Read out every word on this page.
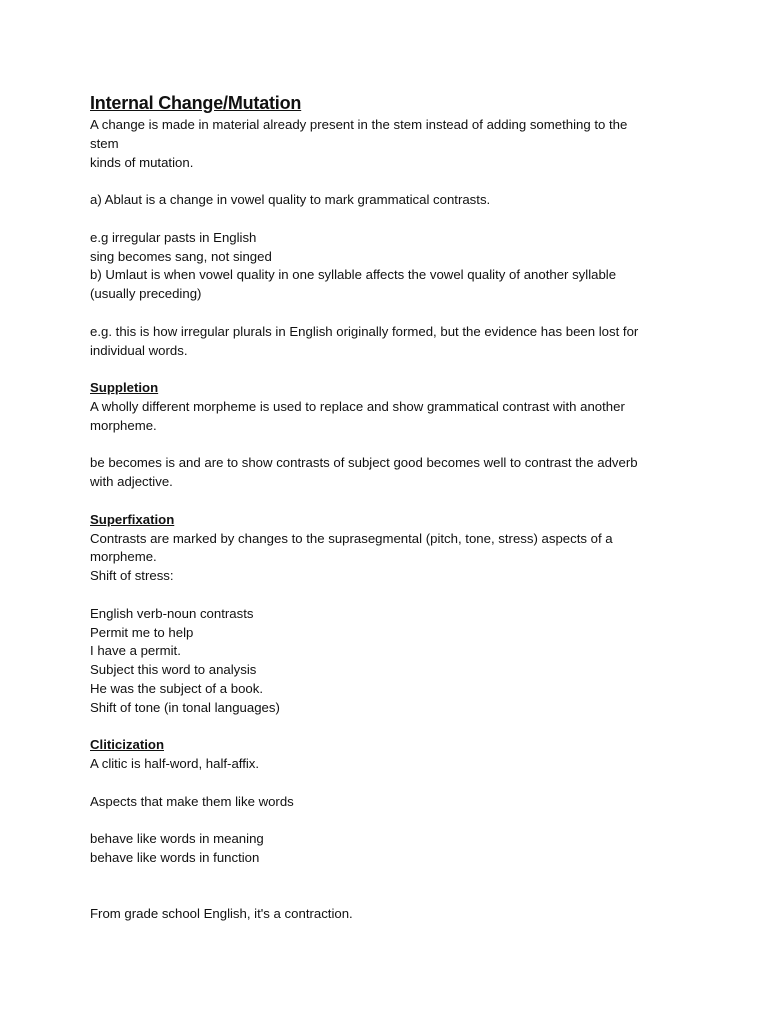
Internal Change/Mutation
A change is made in material already present in the stem instead of adding something to the
stem
kinds of mutation.
a) Ablaut is a change in vowel quality to mark grammatical contrasts.
e.g irregular pasts in English
sing becomes sang, not singed
b) Umlaut is when vowel quality in one syllable affects the vowel quality of another syllable
(usually preceding)
e.g. this is how irregular plurals in English originally formed, but the evidence has been lost for
individual words.
Suppletion
A wholly different morpheme is used to replace and show grammatical contrast with another
morpheme.
be becomes is and are to show contrasts of subject good becomes well to contrast the adverb
with adjective.
Superfixation
Contrasts are marked by changes to the suprasegmental (pitch, tone, stress) aspects of a
morpheme.
Shift of stress:
English verb-noun contrasts
Permit me to help
I have a permit.
Subject this word to analysis
He was the subject of a book.
Shift of tone (in tonal languages)
Cliticization
A clitic is half-word, half-affix.
Aspects that make them like words
behave like words in meaning
behave like words in function
From grade school English, it's a contraction.
